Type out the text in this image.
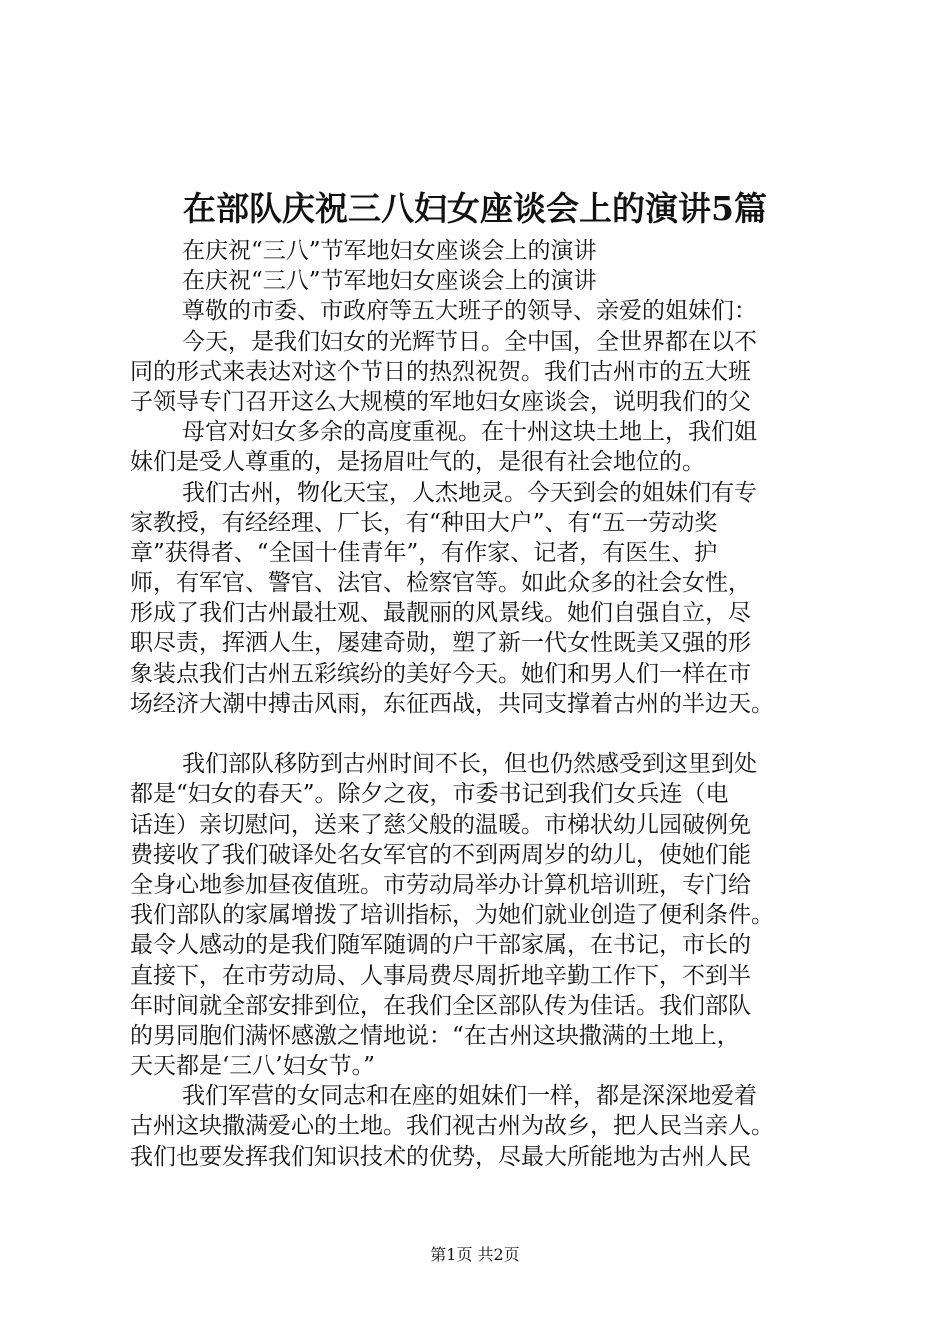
在部队庆祝三八妇女座谈会上的演讲5篇
在庆祝“三八”节军地妇女座谈会上的演讲
在庆祝“三八”节军地妇女座谈会上的演讲
尊敬的市委、市政府等五大班子的领导、亲爱的姐妹们：
今天，是我们妇女的光辉节日。全中国，全世界都在以不
同的形式来表达对这个节日的热烈祝贺。我们古州市的五大班
子领导专门召开这么大规模的军地妇女座谈会，说明我们的父
母官对妇女多余的高度重视。在十州这块土地上，我们姐
妹们是受人尊重的，是扬眉吐气的，是很有社会地位的。
我们古州，物化天宝，人杰地灵。今天到会的姐妹们有专
家教授，有经经理、厂长，有“种田大户”、有“五一劳动奖
章”获得者、“全国十佳青年”，有作家、记者，有医生、护
师，有军官、警官、法官、检察官等。如此众多的社会女性，
形成了我们古州最壮观、最靓丽的风景线。她们自强自立，尽
职尽责，挥洒人生，屡建奇勋，塑了新一代女性既美又强的形
象装点我们古州五彩缤纷的美好今天。她们和男人们一样在市
场经济大潮中搏击风雨，东征西战，共同支撑着古州的半边天。
我们部队移防到古州时间不长，但也仍然感受到这里到处
都是“妇女的春天”。除夕之夜，市委书记到我们女兵连（电
话连）亲切慰问，送来了慈父般的温暖。市梯状幼儿园破例免
费接收了我们破译处名女军官的不到两周岁的幼儿，使她们能
全身心地参加昼夜值班。市劳动局举办计算机培训班，专门给
我们部队的家属增拨了培训指标，为她们就业创造了便利条件。
最令人感动的是我们随军随调的户干部家属，在书记，市长的
直接下，在市劳动局、人事局费尽周折地辛勤工作下，不到半
年时间就全部安排到位，在我们全区部队传为佳话。我们部队
的男同胞们满怀感激之情地说：“在古州这块撒满的土地上，
天天都是‘三八’妇女节。”
我们军营的女同志和在座的姐妹们一样，都是深深地爱着
古州这块撒满爱心的土地。我们视古州为故乡，把人民当亲人。
我们也要发挥我们知识技术的优势，尽最大所能地为古州人民
第1页 共2页
